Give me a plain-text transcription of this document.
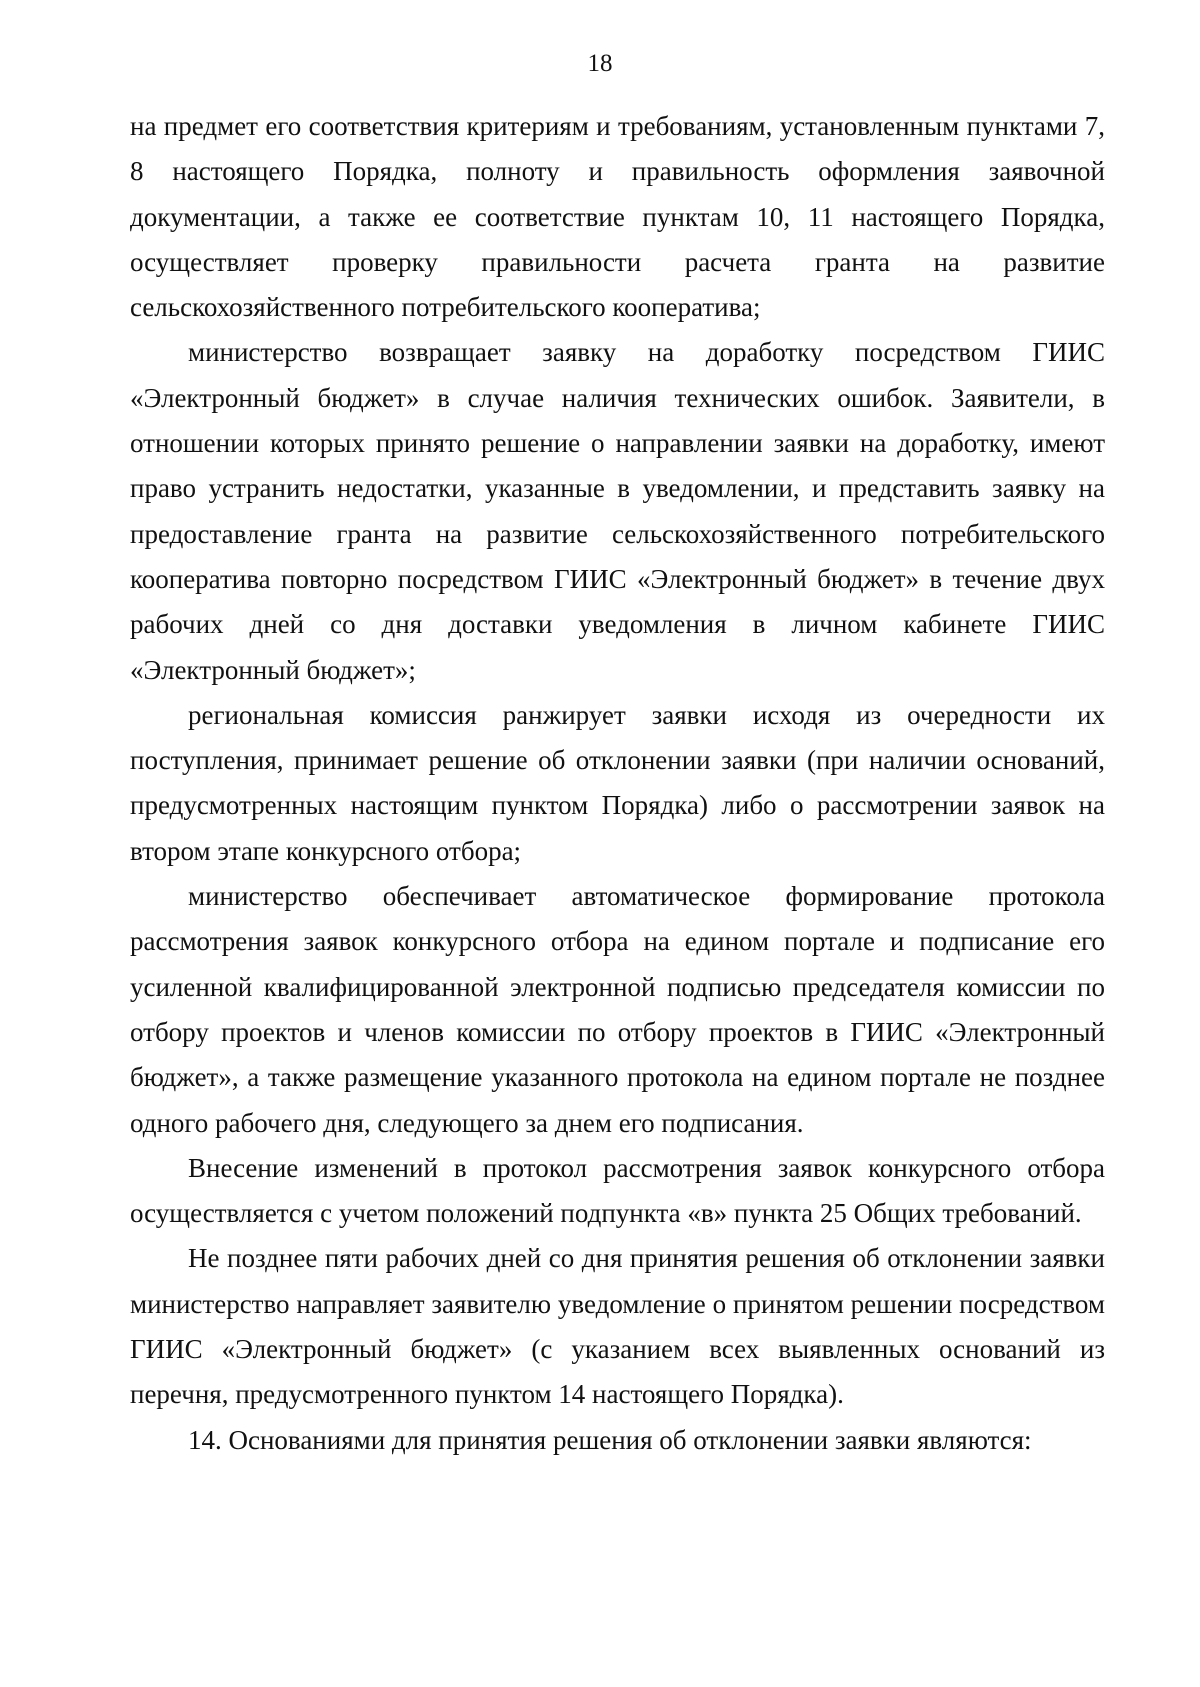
18

на предмет его соответствия критериям и требованиям, установленным пунктами 7, 8 настоящего Порядка, полноту и правильность оформления заявочной документации, а также ее соответствие пунктам 10, 11 настоящего Порядка, осуществляет проверку правильности расчета гранта на развитие сельскохозяйственного потребительского кооператива;

министерство возвращает заявку на доработку посредством ГИИС «Электронный бюджет» в случае наличия технических ошибок. Заявители, в отношении которых принято решение о направлении заявки на доработку, имеют право устранить недостатки, указанные в уведомлении, и представить заявку на предоставление гранта на развитие сельскохозяйственного потребительского кооператива повторно посредством ГИИС «Электронный бюджет» в течение двух рабочих дней со дня доставки уведомления в личном кабинете ГИИС «Электронный бюджет»;

региональная комиссия ранжирует заявки исходя из очередности их поступления, принимает решение об отклонении заявки (при наличии оснований, предусмотренных настоящим пунктом Порядка) либо о рассмотрении заявок на втором этапе конкурсного отбора;

министерство обеспечивает автоматическое формирование протокола рассмотрения заявок конкурсного отбора на едином портале и подписание его усиленной квалифицированной электронной подписью председателя комиссии по отбору проектов и членов комиссии по отбору проектов в ГИИС «Электронный бюджет», а также размещение указанного протокола на едином портале не позднее одного рабочего дня, следующего за днем его подписания.

Внесение изменений в протокол рассмотрения заявок конкурсного отбора осуществляется с учетом положений подпункта «в» пункта 25 Общих требований.

Не позднее пяти рабочих дней со дня принятия решения об отклонении заявки министерство направляет заявителю уведомление о принятом решении посредством ГИИС «Электронный бюджет» (с указанием всех выявленных оснований из перечня, предусмотренного пунктом 14 настоящего Порядка).

14. Основаниями для принятия решения об отклонении заявки являются:
